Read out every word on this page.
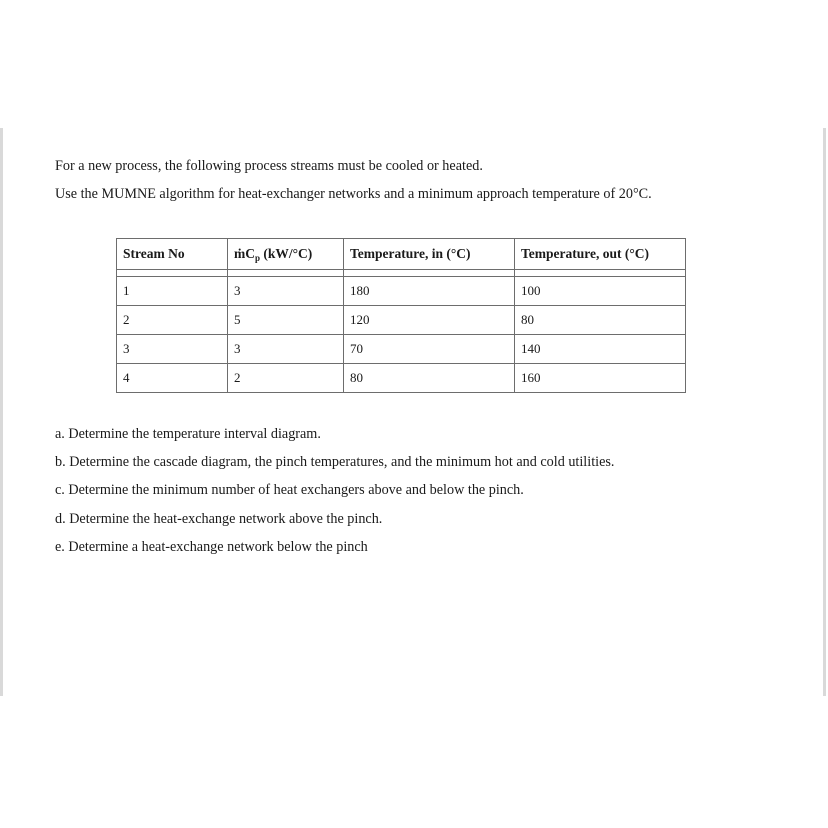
For a new process, the following process streams must be cooled or heated.
Use the MUMNE algorithm for heat-exchanger networks and a minimum approach temperature of 20°C.
Stream No	ṁC$_p$ (kW/°C)	Temperature, in (°C)	Temperature, out (°C)

1	3	180	100
2	5	120	80
3	3	70	140
4	2	80	160
a. Determine the temperature interval diagram.
b. Determine the cascade diagram, the pinch temperatures, and the minimum hot and cold utilities.
c. Determine the minimum number of heat exchangers above and below the pinch.
d. Determine the heat-exchange network above the pinch.
e. Determine a heat-exchange network below the pinch
